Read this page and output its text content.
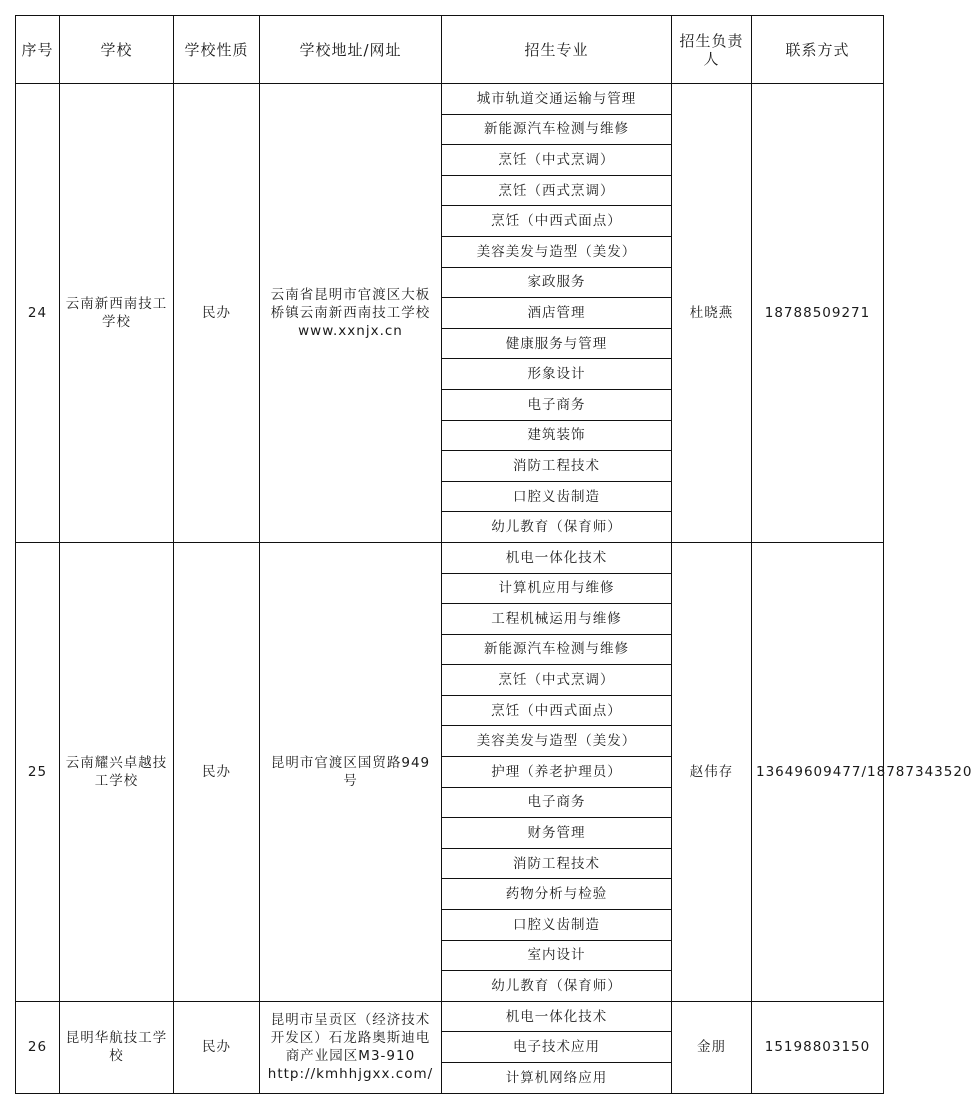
序号	学校	学校性质	学校地址/网址	招生专业	招生负责人	联系方式
24	云南新西南技工学校	民办	云南省昆明市官渡区大板
桥镇云南新西南技工学校
www.xxnjx.cn	城市轨道交通运输与管理	杜晓燕	18788509271
				新能源汽车检测与维修		
				烹饪（中式烹调）		
				烹饪（西式烹调）		
				烹饪（中西式面点）		
				美容美发与造型（美发）		
				家政服务		
				酒店管理		
				健康服务与管理		
				形象设计		
				电子商务		
				建筑装饰		
				消防工程技术		
				口腔义齿制造		
				幼儿教育（保育师）		
25	云南耀兴卓越技工学校	民办	昆明市官渡区国贸路949
号	机电一体化技术	赵伟存	13649609477/18787343520
				计算机应用与维修		
				工程机械运用与维修		
				新能源汽车检测与维修		
				烹饪（中式烹调）		
				烹饪（中西式面点）		
				美容美发与造型（美发）		
				护理（养老护理员）		
				电子商务		
				财务管理		
				消防工程技术		
				药物分析与检验		
				口腔义齿制造		
				室内设计		
				幼儿教育（保育师）		
26	昆明华航技工学校	民办	昆明市呈贡区（经济技术
开发区）石龙路奥斯迪电
商产业园区M3-910
http://kmhhjgxx.com/	机电一体化技术	金朋	15198803150
				电子技术应用		
				计算机网络应用		
